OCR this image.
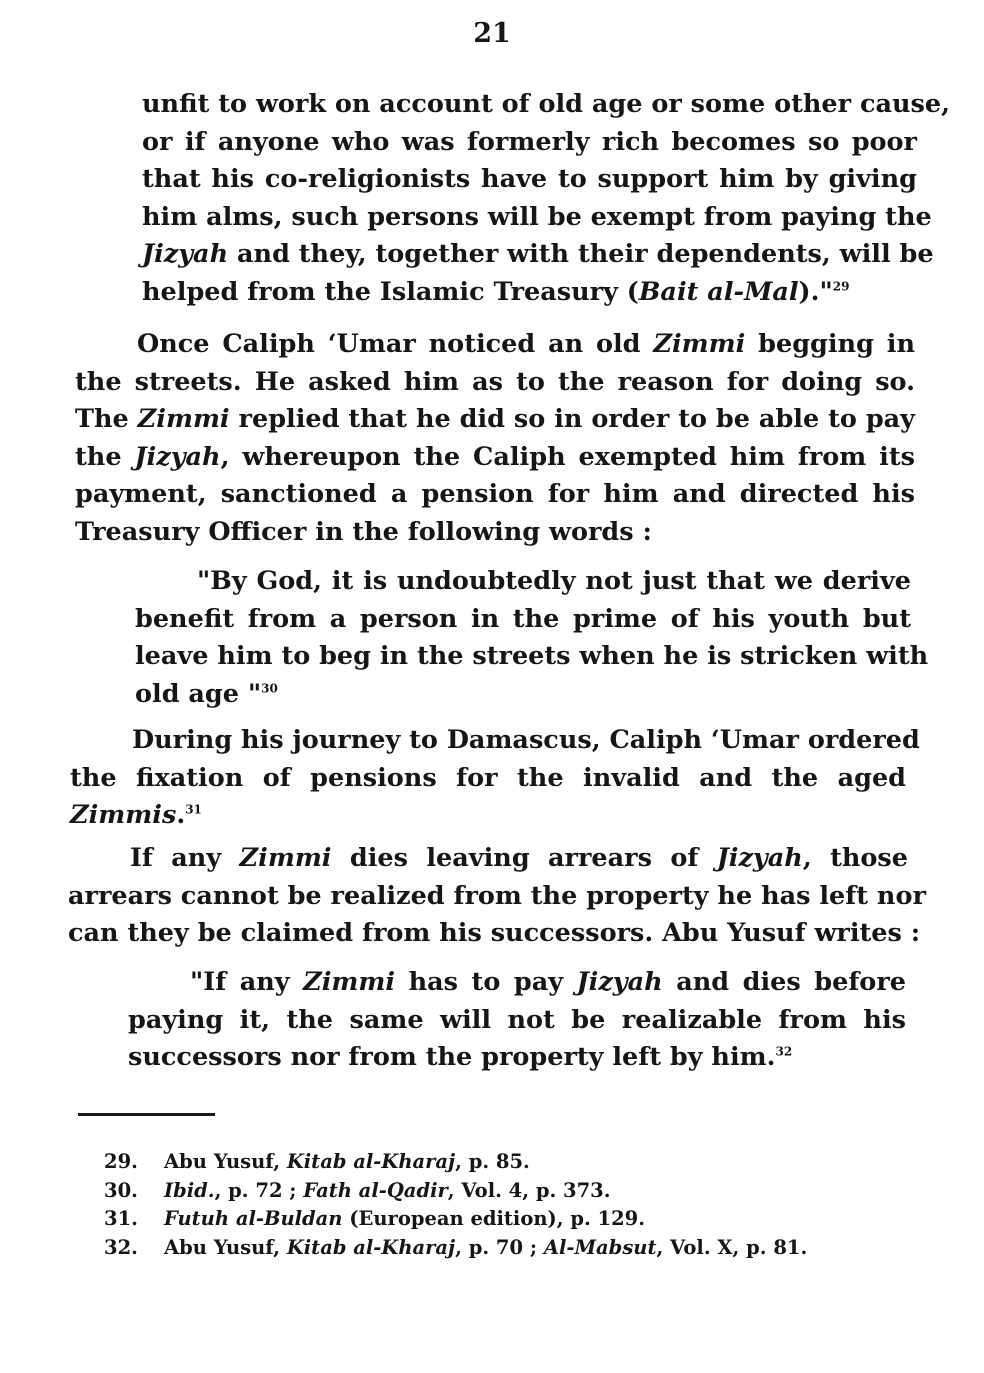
21
unfit to work on account of old age or some other cause,
or if anyone who was formerly rich becomes so poor
that his co-religionists have to support him by giving
him alms, such persons will be exempt from paying the
Jizyah and they, together with their dependents, will be
helped from the Islamic Treasury (Bait al-Mal)."$^{29}$
Once Caliph ‘Umar noticed an old Zimmi begging in
the streets. He asked him as to the reason for doing so.
The Zimmi replied that he did so in order to be able to pay
the Jizyah, whereupon the Caliph exempted him from its
payment, sanctioned a pension for him and directed his
Treasury Officer in the following words :
"By God, it is undoubtedly not just that we derive
benefit from a person in the prime of his youth but
leave him to beg in the streets when he is stricken with
old age "$^{30}$
During his journey to Damascus, Caliph ‘Umar ordered
the fixation of pensions for the invalid and the aged
Zimmis.$^{31}$
If any Zimmi dies leaving arrears of Jizyah, those
arrears cannot be realized from the property he has left nor
can they be claimed from his successors. Abu Yusuf writes :
"If any Zimmi has to pay Jizyah and dies before
paying it, the same will not be realizable from his
successors nor from the property left by him.$^{32}$
29.	Abu Yusuf, Kitab al-Kharaj, p. 85.
30.	Ibid., p. 72 ; Fath al-Qadir, Vol. 4, p. 373.
31.	Futuh al-Buldan (European edition), p. 129.
32.	Abu Yusuf, Kitab al-Kharaj, p. 70 ; Al-Mabsut, Vol. X, p. 81.
